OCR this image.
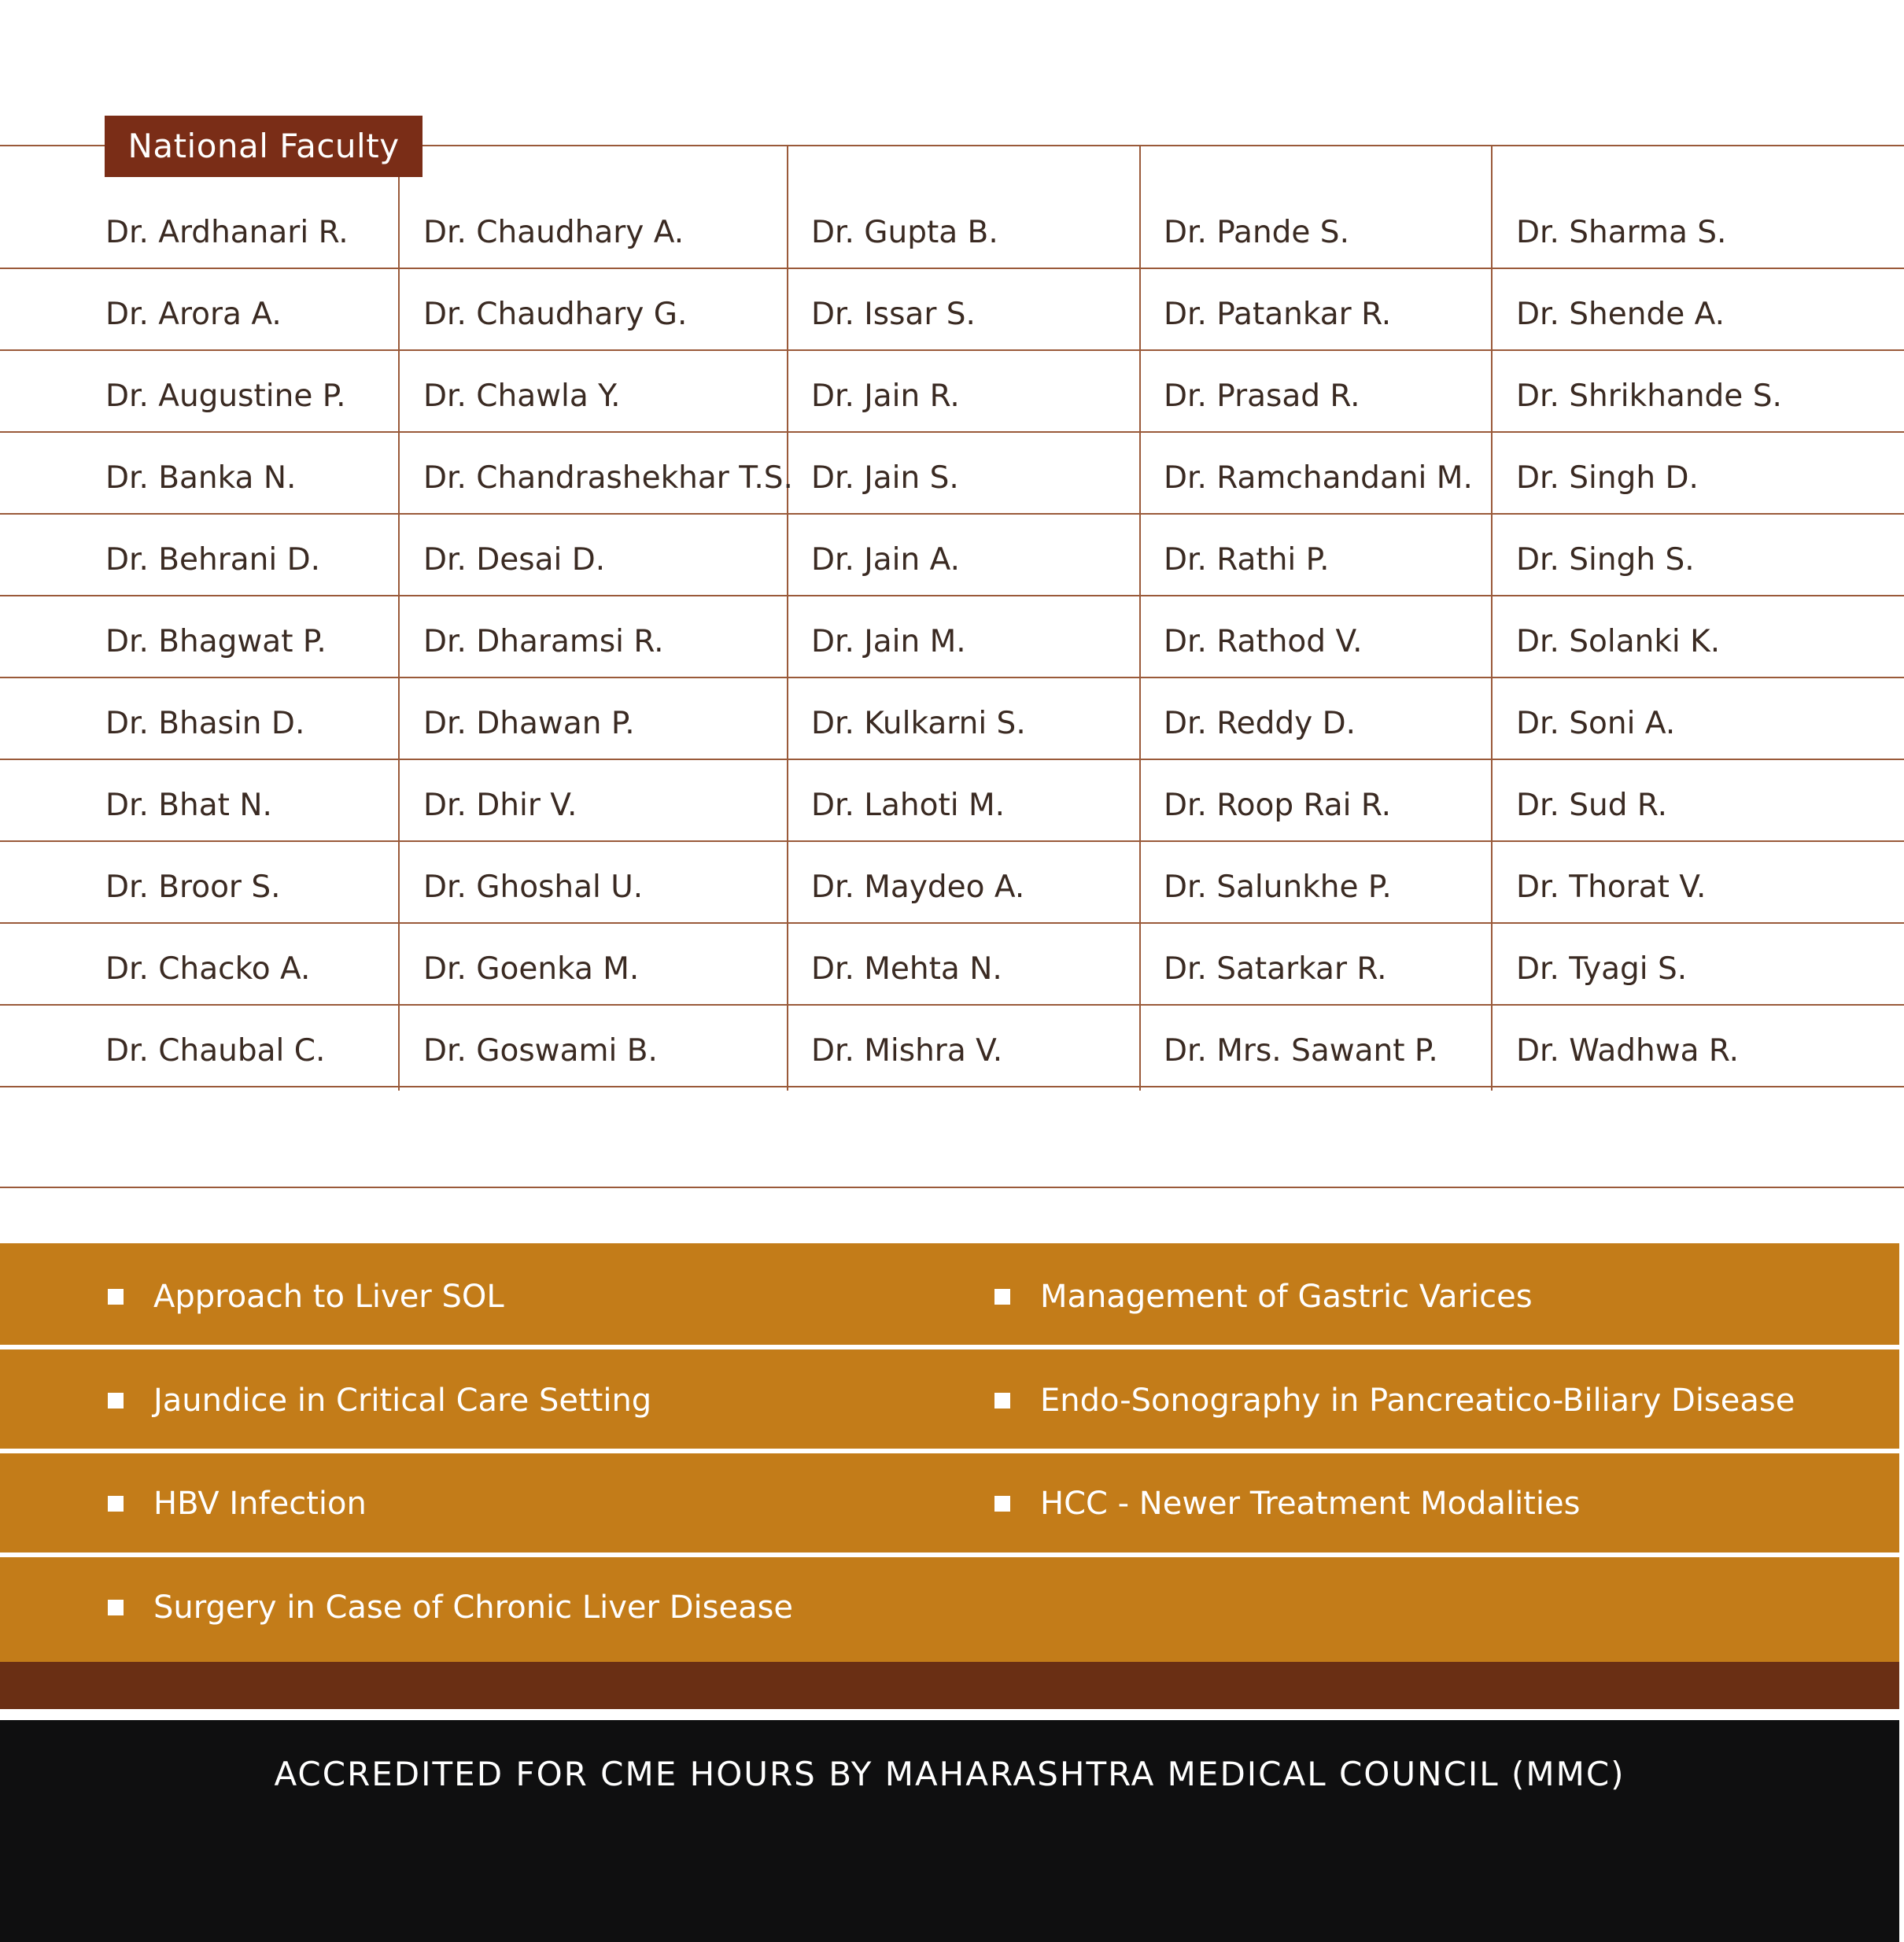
Dr. Ardhanari R.
Dr. Arora A.
Dr. Augustine P.
Dr. Banka N.
Dr. Behrani D.
Dr. Bhagwat P.
Dr. Bhasin D.
Dr. Bhat N.
Dr. Broor S.
Dr. Chacko A.
Dr. Chaubal C.
Dr. Chaudhary A.
Dr. Chaudhary G.
Dr. Chawla Y.
Dr. Chandrashekhar T.S.
Dr. Desai D.
Dr. Dharamsi R.
Dr. Dhawan P.
Dr. Dhir V.
Dr. Ghoshal U.
Dr. Goenka M.
Dr. Goswami B.
Dr. Gupta B.
Dr. Issar S.
Dr. Jain R.
Dr. Jain S.
Dr. Jain A.
Dr. Jain M.
Dr. Kulkarni S.
Dr. Lahoti M.
Dr. Maydeo A.
Dr. Mehta N.
Dr. Mishra V.
Dr. Pande S.
Dr. Patankar R.
Dr. Prasad R.
Dr. Ramchandani M.
Dr. Rathi P.
Dr. Rathod V.
Dr. Reddy D.
Dr. Roop Rai R.
Dr. Salunkhe P.
Dr. Satarkar R.
Dr. Mrs. Sawant P.
Dr. Sharma S.
Dr. Shende A.
Dr. Shrikhande S.
Dr. Singh D.
Dr. Singh S.
Dr. Solanki K.
Dr. Soni A.
Dr. Sud R.
Dr. Thorat V.
Dr. Tyagi S.
Dr. Wadhwa R.
National Faculty
Approach to Liver SOL
Jaundice in Critical Care Setting
HBV Infection
Surgery in Case of Chronic Liver Disease
Management of Gastric Varices
Endo-Sonography in Pancreatico-Biliary Disease
HCC - Newer Treatment Modalities
ACCREDITED FOR CME HOURS BY MAHARASHTRA MEDICAL COUNCIL (MMC)
